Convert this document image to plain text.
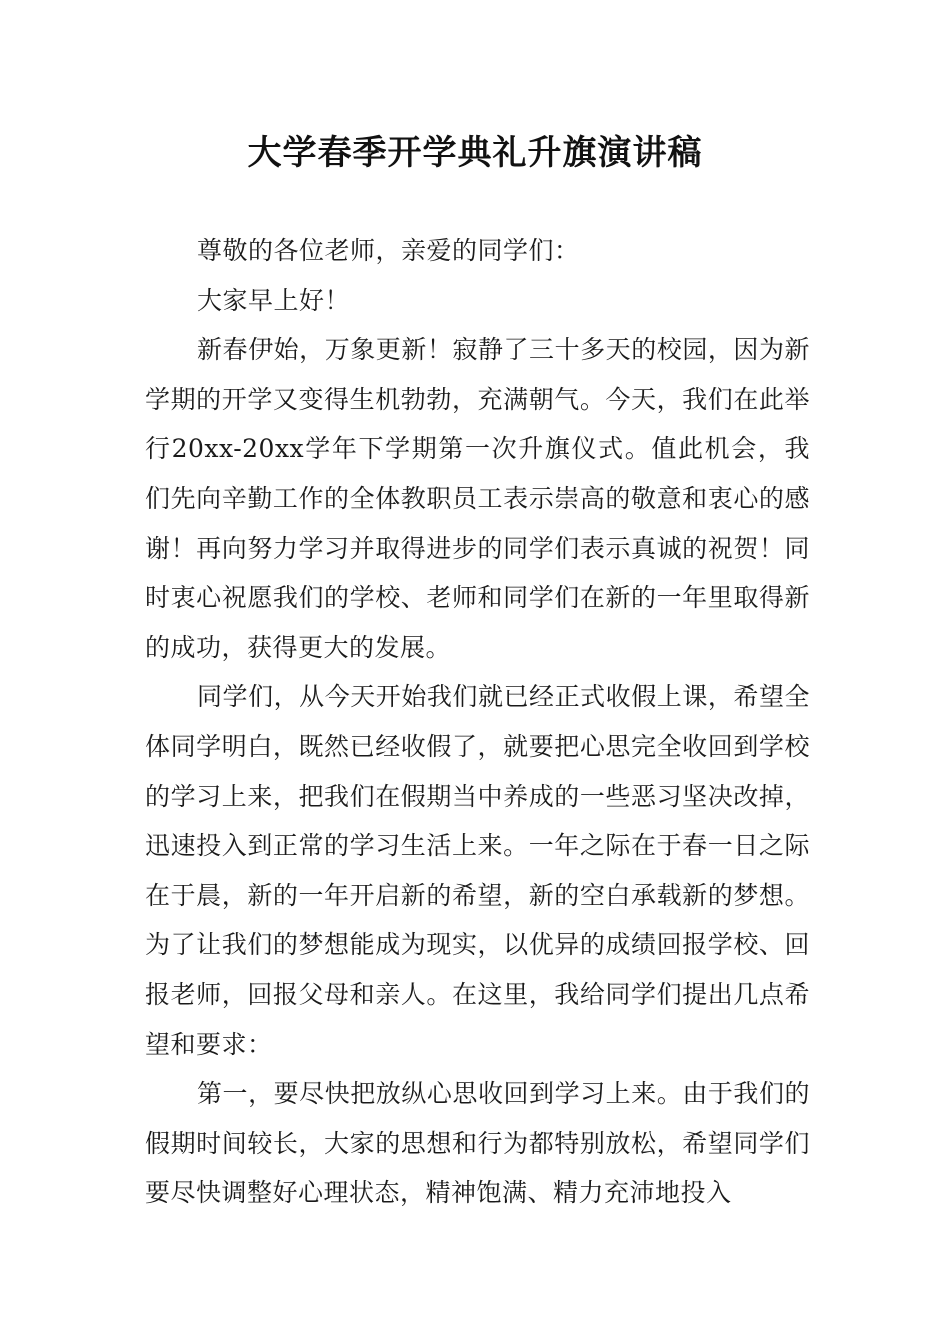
大学春季开学典礼升旗演讲稿

尊敬的各位老师，亲爱的同学们：

大家早上好！

新春伊始，万象更新！寂静了三十多天的校园，因为新学期的开学又变得生机勃勃，充满朝气。今天，我们在此举行20xx-20xx学年下学期第一次升旗仪式。值此机会，我们先向辛勤工作的全体教职员工表示崇高的敬意和衷心的感谢！再向努力学习并取得进步的同学们表示真诚的祝贺！同时衷心祝愿我们的学校、老师和同学们在新的一年里取得新的成功，获得更大的发展。

同学们，从今天开始我们就已经正式收假上课，希望全体同学明白，既然已经收假了，就要把心思完全收回到学校的学习上来，把我们在假期当中养成的一些恶习坚决改掉，迅速投入到正常的学习生活上来。一年之际在于春一日之际在于晨，新的一年开启新的希望，新的空白承载新的梦想。为了让我们的梦想能成为现实，以优异的成绩回报学校、回报老师，回报父母和亲人。在这里，我给同学们提出几点希望和要求：

第一，要尽快把放纵心思收回到学习上来。由于我们的假期时间较长，大家的思想和行为都特别放松，希望同学们要尽快调整好心理状态，精神饱满、精力充沛地投入
